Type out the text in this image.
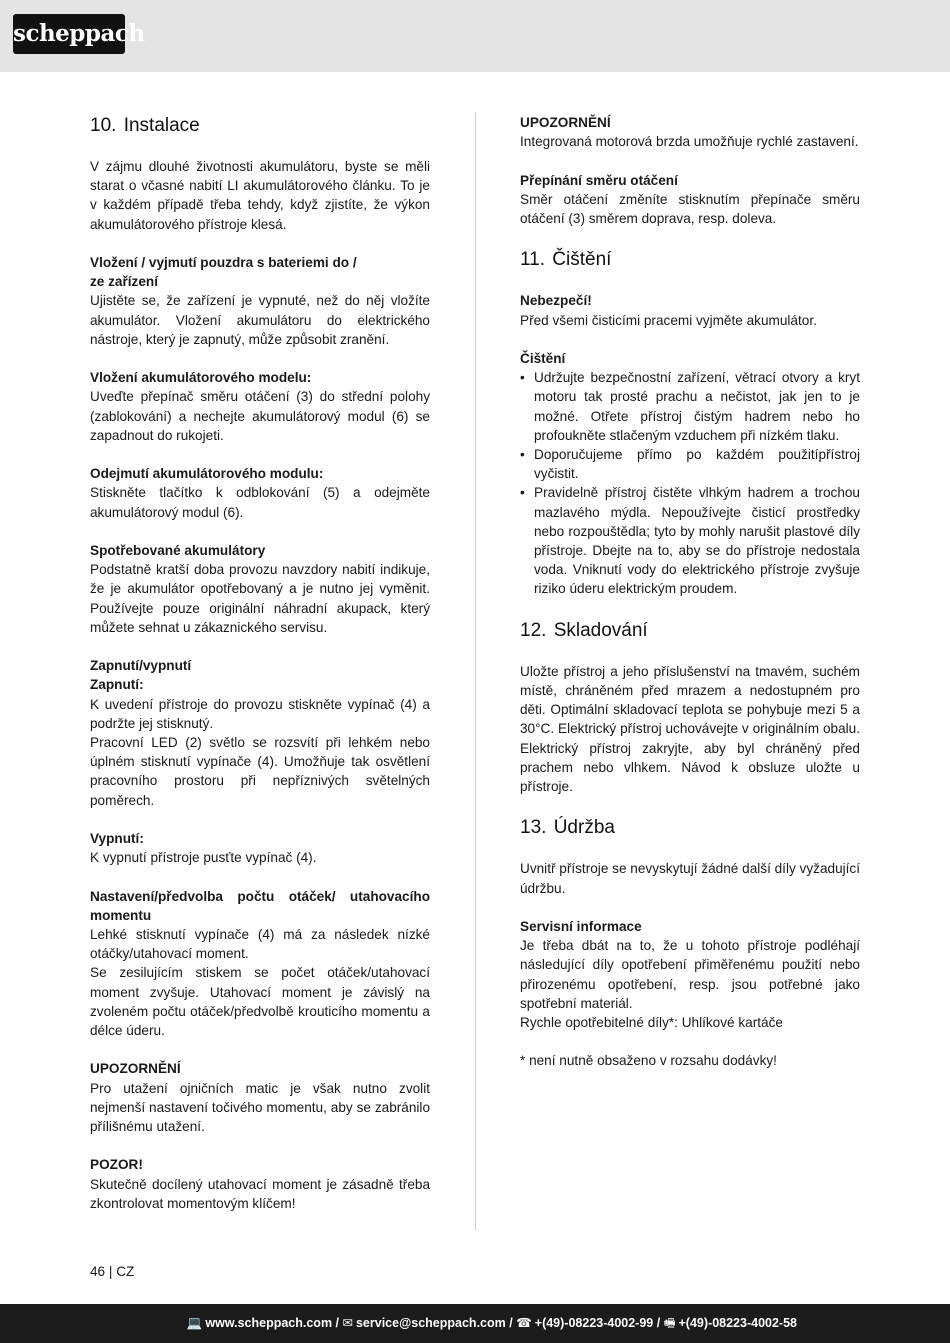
scheppach
10. Instalace

V zájmu dlouhé životnosti akumulátoru, byste se měli starat o včasné nabití LI akumulátorového článku. To je v každém případě třeba tehdy, když zjistíte, že výkon akumulátorového přístroje klesá.

Vložení / vyjmutí pouzdra s bateriemi do /
ze zařízení
Ujistěte se, že zařízení je vypnuté, než do něj vložíte akumulátor. Vložení akumulátoru do elektrického nástroje, který je zapnutý, může způsobit zranění.

Vložení akumulátorového modelu:
Uveďte přepínač směru otáčení (3) do střední polohy (zablokování) a nechejte akumulátorový modul (6) se zapadnout do rukojeti.

Odejmutí akumulátorového modulu:
Stiskněte tlačítko k odblokování (5) a odejměte akumulátorový modul (6).

Spotřebované akumulátory
Podstatně kratší doba provozu navzdory nabití indikuje, že je akumulátor opotřebovaný a je nutno jej vyměnit. Používejte pouze originální náhradní akupack, který můžete sehnat u zákaznického servisu.

Zapnutí/vypnutí
Zapnutí:
K uvedení přístroje do provozu stiskněte vypínač (4) a podržte jej stisknutý.
Pracovní LED (2) světlo se rozsvítí při lehkém nebo úplném stisknutí vypínače (4). Umožňuje tak osvětlení pracovního prostoru při nepříznivých světelných poměrech.

Vypnutí:
K vypnutí přístroje pusťte vypínač (4).

Nastavení/předvolba počtu otáček/ utahovacího momentu
Lehké stisknutí vypínače (4) má za následek nízké otáčky/utahovací moment.
Se zesilujícím stiskem se počet otáček/utahovací moment zvyšuje. Utahovací moment je závislý na zvoleném počtu otáček/předvolbě krouticího momentu a délce úderu.

UPOZORNĚNÍ
Pro utažení ojničních matic je však nutno zvolit nejmenší nastavení točivého momentu, aby se zabránilo přílišnému utažení.

POZOR!
Skutečně docílený utahovací moment je zásadně třeba zkontrolovat momentovým klíčem!

UPOZORNĚNÍ
Integrovaná motorová brzda umožňuje rychlé zastavení.

Přepínání směru otáčení
Směr otáčení změníte stisknutím přepínače směru otáčení (3) směrem doprava, resp. doleva.

11. Čištění

Nebezpečí!
Před všemi čisticími pracemi vyjměte akumulátor.

Čištění
• Udržujte bezpečnostní zařízení, větrací otvory a kryt motoru tak prosté prachu a nečistot, jak jen to je možné. Otřete přístroj čistým hadrem nebo ho profoukněte stlačeným vzduchem při nízkém tlaku.
• Doporučujeme přímo po každém použitípřístroj vyčistit.
• Pravidelně přístroj čistěte vlhkým hadrem a trochou mazlavého mýdla. Nepoužívejte čisticí prostředky nebo rozpouštědla; tyto by mohly narušit plastové díly přístroje. Dbejte na to, aby se do přístroje nedostala voda. Vniknutí vody do elektrického přístroje zvyšuje riziko úderu elektrickým proudem.
12. Skladování

Uložte přístroj a jeho příslušenství na tmavém, suchém místě, chráněném před mrazem a nedostupném pro děti. Optimální skladovací teplota se pohybuje mezi 5 a 30°C. Elektrický přístroj uchovávejte v originálním obalu. Elektrický přístroj zakryjte, aby byl chráněný před prachem nebo vlhkem. Návod k obsluze uložte u přístroje.

13. Údržba

Uvnitř přístroje se nevyskytují žádné další díly vyžadující údržbu.

Servisní informace
Je třeba dbát na to, že u tohoto přístroje podléhají následující díly opotřebení přiměřenému použití nebo přirozenému opotřebení, resp. jsou potřebné jako spotřební materiál.
Rychle opotřebitelné díly*: Uhlíkové kartáče

* není nutně obsaženo v rozsahu dodávky!

46 | CZ
💻 www.scheppach.com / ✉ service@scheppach.com / ☎ +(49)-08223-4002-99 / 🖷 +(49)-08223-4002-58
